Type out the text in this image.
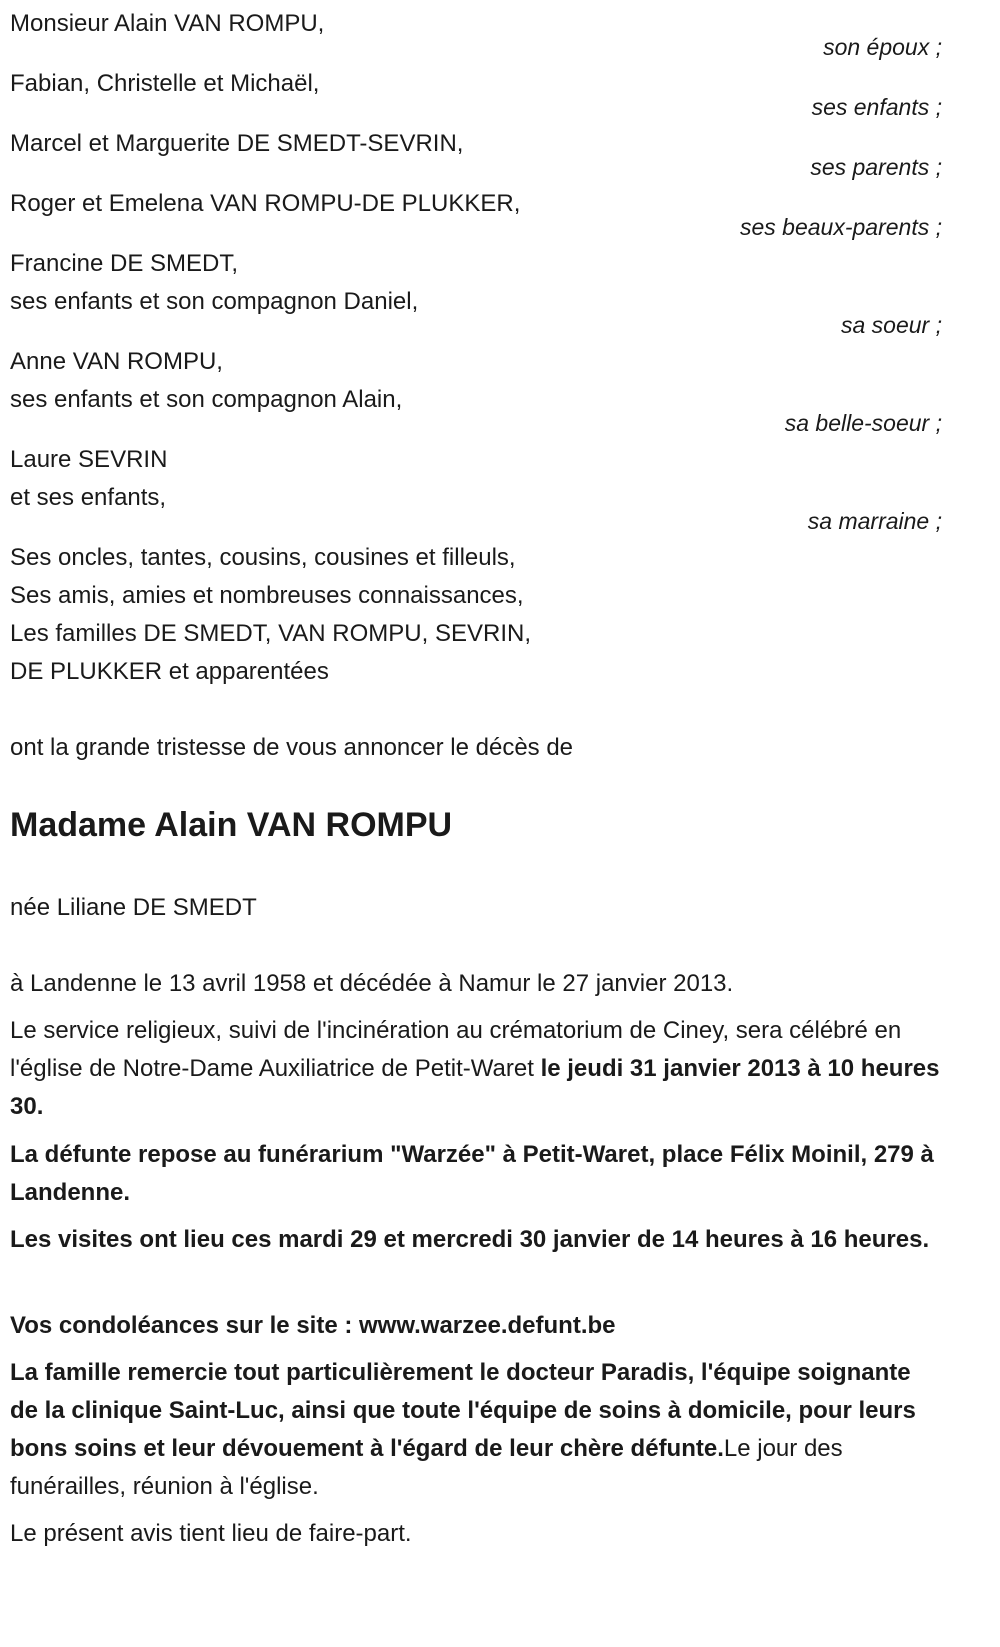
Monsieur Alain VAN ROMPU,
son époux ;
Fabian, Christelle et Michaël,
ses enfants ;
Marcel et Marguerite DE SMEDT-SEVRIN,
ses parents ;
Roger et Emelena VAN ROMPU-DE PLUKKER,
ses beaux-parents ;
Francine DE SMEDT,
ses enfants et son compagnon Daniel,
sa soeur ;
Anne VAN ROMPU,
ses enfants et son compagnon Alain,
sa belle-soeur ;
Laure SEVRIN
et ses enfants,
sa marraine ;
Ses oncles, tantes, cousins, cousines et filleuls,
Ses amis, amies et nombreuses connaissances,
Les familles DE SMEDT, VAN ROMPU, SEVRIN,
DE PLUKKER et apparentées
ont la grande tristesse de vous annoncer le décès de
Madame Alain VAN ROMPU
née Liliane DE SMEDT
à Landenne le 13 avril 1958 et décédée à Namur le 27 janvier 2013.
Le service religieux, suivi de l'incinération au crématorium de Ciney, sera célébré en l'église de Notre-Dame Auxiliatrice de Petit-Waret le jeudi 31 janvier 2013 à 10 heures 30.
La défunte repose au funérarium "Warzée" à Petit-Waret, place Félix Moinil, 279 à Landenne.
Les visites ont lieu ces mardi 29 et mercredi 30 janvier de 14 heures à 16 heures.
Vos condoléances sur le site : www.warzee.defunt.be
La famille remercie tout particulièrement le docteur Paradis, l'équipe soignante de la clinique Saint-Luc, ainsi que toute l'équipe de soins à domicile, pour leurs bons soins et leur dévouement à l'égard de leur chère défunte.Le jour des funérailles, réunion à l'église.
Le présent avis tient lieu de faire-part.
